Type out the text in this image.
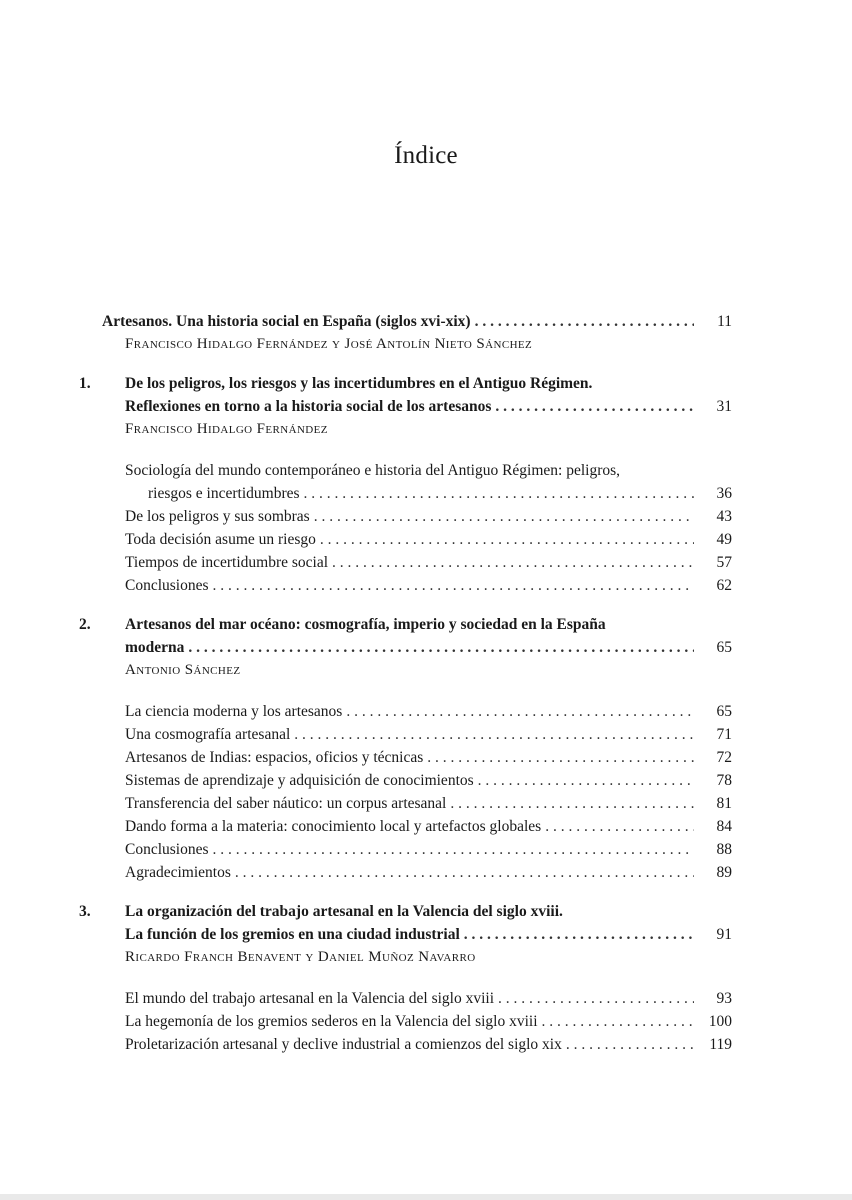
Índice
Artesanos. Una historia social en España (siglos xvi-xix) . . .	11
Francisco Hidalgo Fernández y José Antolín Nieto Sánchez
1. De los peligros, los riesgos y las incertidumbres en el Antiguo Régimen.
Reflexiones en torno a la historia social de los artesanos . . .	31
Francisco Hidalgo Fernández
Sociología del mundo contemporáneo e historia del Antiguo Régimen: peligros,
riesgos e incertidumbres . . .	36
De los peligros y sus sombras . . .	43
Toda decisión asume un riesgo . . .	49
Tiempos de incertidumbre social . . .	57
Conclusiones . . .	62
2. Artesanos del mar océano: cosmografía, imperio y sociedad en la España
moderna . . .	65
Antonio Sánchez
La ciencia moderna y los artesanos . . .	65
Una cosmografía artesanal . . .	71
Artesanos de Indias: espacios, oficios y técnicas . . .	72
Sistemas de aprendizaje y adquisición de conocimientos . . .	78
Transferencia del saber náutico: un corpus artesanal . . .	81
Dando forma a la materia: conocimiento local y artefactos globales . . .	84
Conclusiones . . .	88
Agradecimientos . . .	89
3. La organización del trabajo artesanal en la Valencia del siglo xviii.
La función de los gremios en una ciudad industrial . . .	91
Ricardo Franch Benavent y Daniel Muñoz Navarro
El mundo del trabajo artesanal en la Valencia del siglo xviii . . .	93
La hegemonía de los gremios sederos en la Valencia del siglo xviii . . .	100
Proletarización artesanal y declive industrial a comienzos del siglo xix . . .	119
